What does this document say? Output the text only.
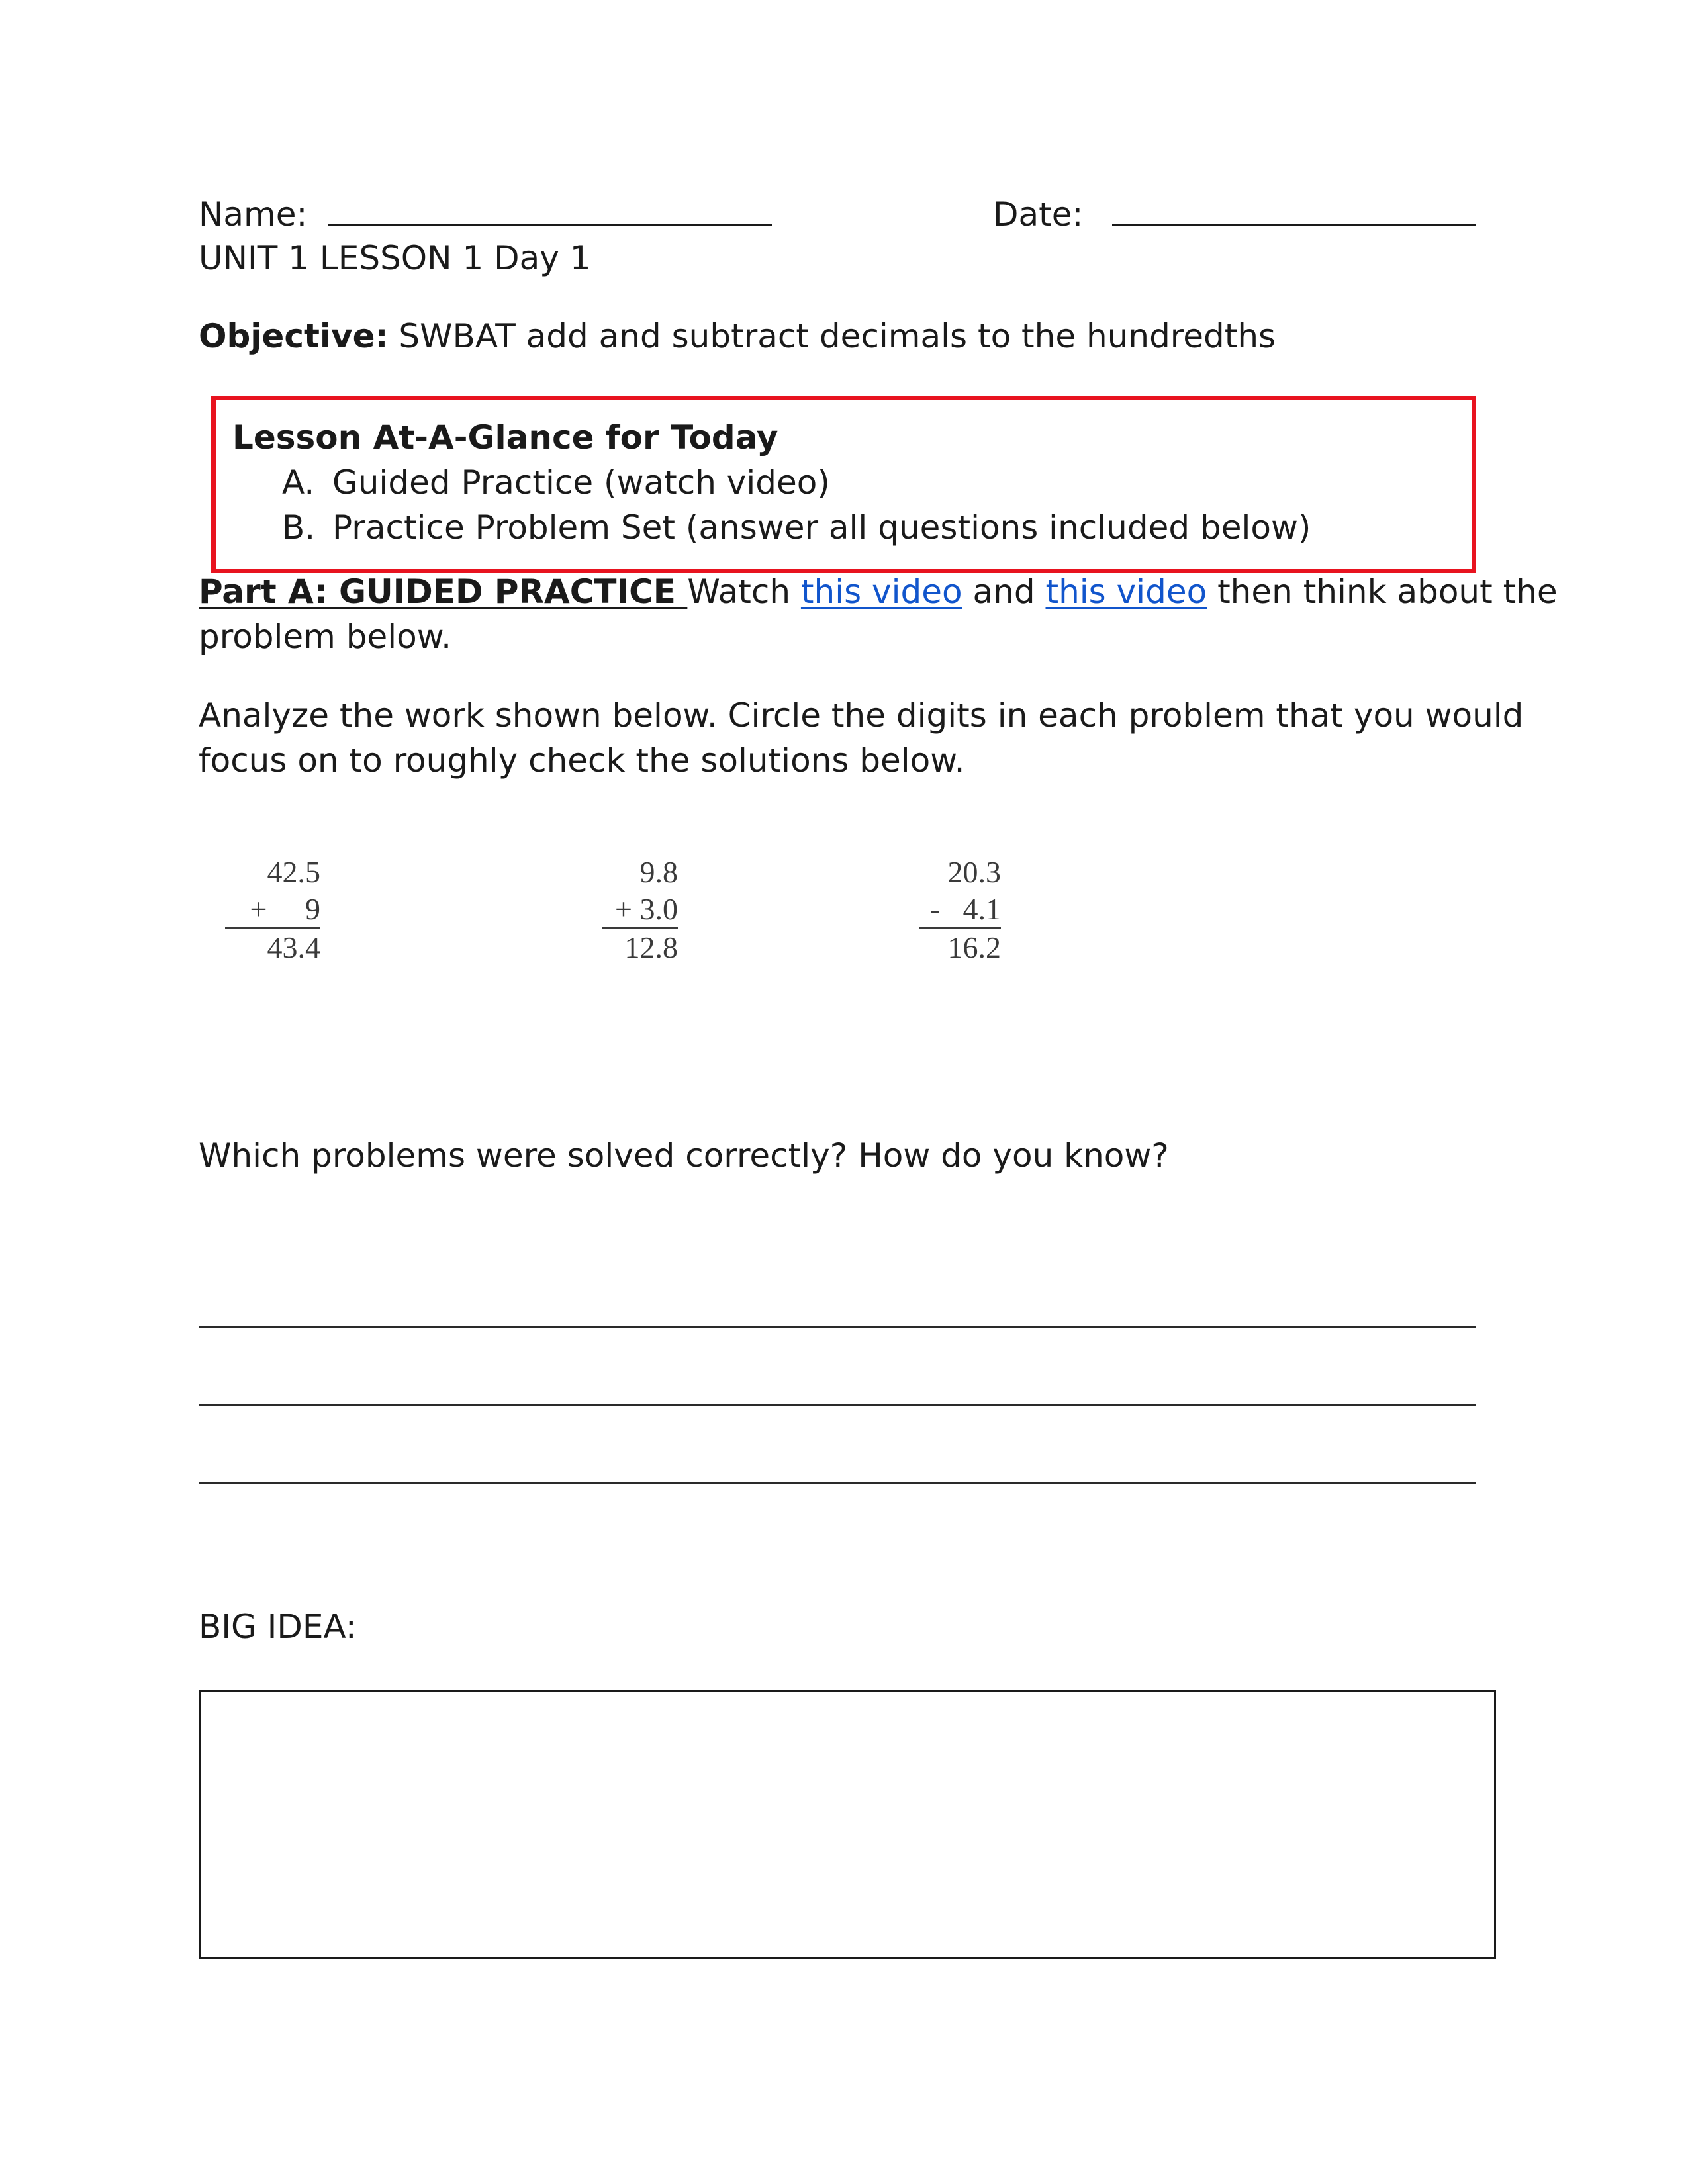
Name:	Date:
UNIT 1 LESSON 1 Day 1
Objective: SWBAT add and subtract decimals to the hundredths
Lesson At-A-Glance for Today
A. Guided Practice (watch video)
B. Practice Problem Set (answer all questions included below)
Part A: GUIDED PRACTICE Watch this video and this video then think about the
problem below.
Analyze the work shown below. Circle the digits in each problem that you would
focus on to roughly check the solutions below.
42.5
+     9
43.4
9.8
+ 3.0
12.8
20.3
-   4.1
16.2
Which problems were solved correctly? How do you know?
BIG IDEA:
